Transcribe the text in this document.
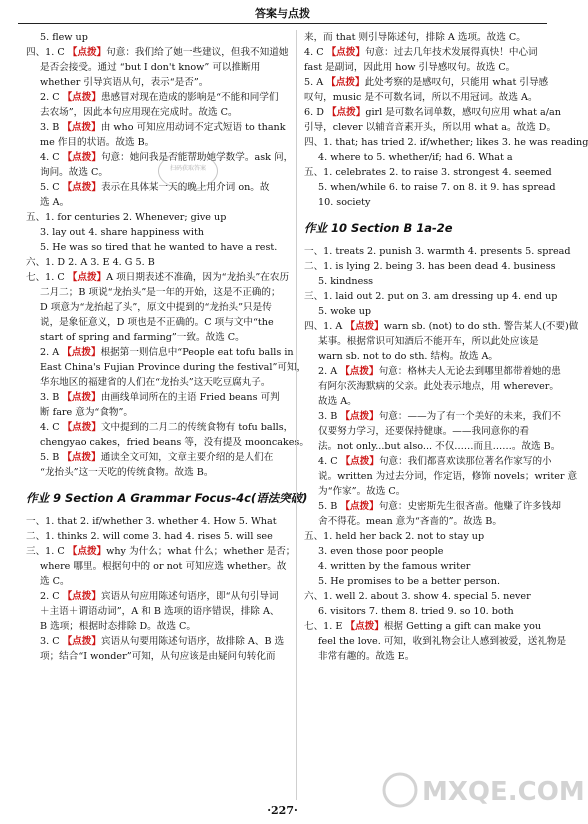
答案与点拨
5. flew up
四、1. C 【点拨】句意：我们给了她一些建议，但我不知道她
是否会接受。通过 “but I don't know” 可以推断用
whether 引导宾语从句，表示“是否”。
2. C 【点拨】患感冒对现在造成的影响是“不能和同学们
去农场”，因此本句应用现在完成时。故选 C。
3. B 【点拨】由 who 可知应用动词不定式短语 to thank
me 作目的状语。故选 B。
4. C 【点拨】句意：她问我是否能帮助她学数学。ask 问，
询问。故选 C。
5. C 【点拨】表示在具体某一天的晚上用介词 on。故
选 A。
五、1. for centuries 2. Whenever; give up
3. lay out 4. share happiness with
5. He was so tired that he wanted to have a rest.
六、1. D 2. A 3. E 4. G 5. B
七、1. C 【点拨】A 项日期表述不准确，因为“龙抬头”在农历
二月二；B 项说“龙抬头”是一年的开始，这是不正确的；
D 项意为“龙抬起了头”，原文中提到的“龙抬头”只是传
说，是象征意义，D 项也是不正确的。C 项与文中“the
start of spring and farming”一致。故选 C。
2. A 【点拨】根据第一则信息中“People eat tofu balls in
East China's Fujian Province during the festival”可知，
华东地区的福建省的人们在“龙抬头”这天吃豆腐丸子。
3. B 【点拨】由画线单词所在的主语 Fried beans 可判
断 fare 意为“食物”。
4. C 【点拨】文中提到的二月二的传统食物有 tofu balls，
chengyao cakes，fried beans 等，没有提及 mooncakes。
5. B 【点拨】通读全文可知，文章主要介绍的是人们在
“龙抬头”这一天吃的传统食物。故选 B。
作业 9 Section A Grammar Focus-4c(语法突破)
一、1. that 2. if/whether 3. whether 4. How 5. What
二、1. thinks 2. will come 3. had 4. rises 5. will see
三、1. C 【点拨】why 为什么；what 什么；whether 是否；
where 哪里。根据句中的 or not 可知应选 whether。故
选 C。
2. C 【点拨】宾语从句应用陈述句语序，即“从句引导词
＋主语＋谓语动词”，A 和 B 选项的语序错误，排除 A、
B 选项；根据时态排除 D。故选 C。
3. C 【点拨】宾语从句要用陈述句语序，故排除 A、B 选
项；结合“I wonder”可知，从句应该是由疑问句转化而
来，而 that 则引导陈述句，排除 A 选项。故选 C。
4. C 【点拨】句意：过去几年技术发展得真快！中心词
fast 是副词，因此用 how 引导感叹句。故选 C。
5. A 【点拨】此处考察的是感叹句，只能用 what 引导感
叹句，music 是不可数名词，所以不用冠词。故选 A。
6. D 【点拨】girl 是可数名词单数，感叹句应用 what a/an
引导，clever 以辅音音素开头，所以用 what a。故选 D。
四、1. that; has tried 2. if/whether; likes 3. he was reading
4. where to 5. whether/if; had 6. What a
五、1. celebrates 2. to raise 3. strongest 4. seemed
5. when/while 6. to raise 7. on 8. it 9. has spread
10. society
作业 10 Section B 1a-2e
一、1. treats 2. punish 3. warmth 4. presents 5. spread
二、1. is lying 2. being 3. has been dead 4. business
5. kindness
三、1. laid out 2. put on 3. am dressing up 4. end up
5. woke up
四、1. A 【点拨】warn sb. (not) to do sth. 警告某人(不要)做
某事。根据常识可知酒后不能开车，所以此处应该是
warn sb. not to do sth. 结构。故选 A。
2. A 【点拨】句意：格林夫人无论去到哪里都带着她的患
有阿尔茨海默病的父亲。此处表示地点，用 wherever。
故选 A。
3. B 【点拨】句意：——为了有一个美好的未来，我们不
仅要努力学习，还要保持健康。——我同意你的看
法。not only...but also... 不仅……而且……。故选 B。
4. C 【点拨】句意：我们都喜欢读那位著名作家写的小
说。written 为过去分词，作定语，修饰 novels；writer 意
为“作家”。故选 C。
5. B 【点拨】句意：史密斯先生很吝啬。他赚了许多钱却
舍不得花。mean 意为“吝啬的”。故选 B。
五、1. held her back 2. not to stay up
3. even those poor people
4. written by the famous writer
5. He promises to be a better person.
六、1. well 2. about 3. show 4. special 5. never
6. visitors 7. them 8. tried 9. so 10. both
七、1. E 【点拨】根据 Getting a gift can make you
feel the love. 可知，收到礼物会让人感到被爱，送礼物是
非常有趣的。故选 E。
扫码获取答案
MXQE.COM
·227·
